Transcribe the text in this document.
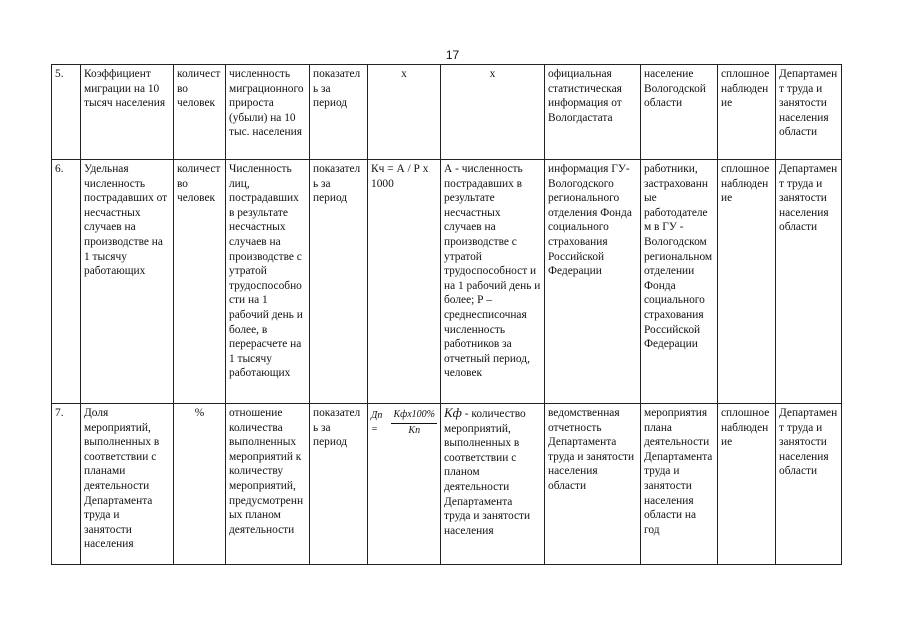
17
5.	Коэффициент миграции на 10 тысяч населения	количество человек	численность миграционного прироста (убыли) на 10 тыс. населения	показатель за период	x	x	официальная статистическая информация от Вологдастата	население Вологодской области	сплошное наблюдение	Департамент труда и занятости населения области
6.	Удельная численность пострадавших от несчастных случаев на производстве на 1 тысячу работающих	количество человек	Численность лиц, пострадавших в результате несчастных случаев на производстве с утратой трудоспособности на 1 рабочий день и более, в перерасчете на 1 тысячу работающих	показатель за период	Кч = А / Р х 1000	А - численность пострадавших в результате несчастных случаев на производстве с утратой трудоспособност и на 1 рабочий день и более; Р – среднесписочная численность работников за отчетный период, человек	информация ГУ-Вологодского регионального отделения Фонда социального страхования Российской Федерации	работники, застрахованные работодателем в ГУ - Вологодском региональном отделении Фонда социального страхования Российской Федерации	сплошное наблюдение	Департамент труда и занятости населения области
7.	Доля мероприятий, выполненных в соответствии с планами деятельности Департамента труда и занятости населения	%	отношение количества выполненных мероприятий к количеству мероприятий, предусмотренных планом деятельности	показатель за период	Дп = $\frac{\text{Кфх100\%}}{Кп}$	Кф - количество мероприятий, выполненных в соответствии с планом деятельности Департамента труда и занятости населения	ведомственная отчетность Департамента труда и занятости населения области	мероприятия плана деятельности Департамента труда и занятости населения области на год	сплошное наблюдение	Департамент труда и занятости населения области
